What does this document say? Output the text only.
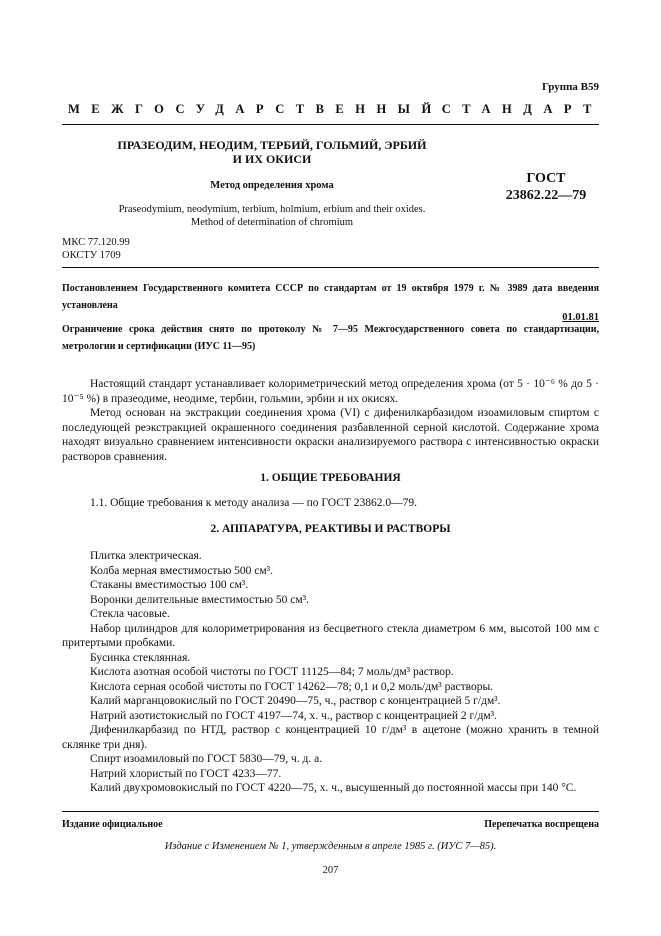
Группа В59
МЕЖГОСУДАРСТВЕННЫЙ СТАНДАРТ
ПРАЗЕОДИМ, НЕОДИМ, ТЕРБИЙ, ГОЛЬМИЙ, ЭРБИЙ
И ИХ ОКИСИ
ГОСТ
23862.22—79
Метод определения хрома
Praseodymium, neodymium, terbium, holmium, erbium and their oxides.
Method of determination of chromium
МКС 77.120.99
ОКСТУ 1709
Постановлением Государственного комитета СССР по стандартам от 19 октября 1979 г. № 3989 дата введения установлена
01.01.81
Ограничение срока действия снято по протоколу № 7—95 Межгосударственного совета по стандартизации, метрологии и сертификации (ИУС 11—95)

Настоящий стандарт устанавливает колориметрический метод определения хрома (от 5 · 10⁻⁶ % до 5 · 10⁻⁵ %) в празеодиме, неодиме, тербии, гольмии, эрбии и их окисях.

Метод основан на экстракции соединения хрома (VI) с дифенилкарбазидом изоамиловым спиртом с последующей реэкстракцией окрашенного соединения разбавленной серной кислотой. Содержание хрома находят визуально сравнением интенсивности окраски анализируемого раствора с интенсивностью окраски растворов сравнения.

1. ОБЩИЕ ТРЕБОВАНИЯ

1.1. Общие требования к методу анализа — по ГОСТ 23862.0—79.

2. АППАРАТУРА, РЕАКТИВЫ И РАСТВОРЫ

Плитка электрическая.

Колба мерная вместимостью 500 см³.

Стаканы вместимостью 100 см³.

Воронки делительные вместимостью 50 см³.

Стекла часовые.

Набор цилиндров для колориметрирования из бесцветного стекла диаметром 6 мм, высотой 100 мм с притертыми пробками.

Бусинка стеклянная.

Кислота азотная особой чистоты по ГОСТ 11125—84; 7 моль/дм³ раствор.

Кислота серная особой чистоты по ГОСТ 14262—78; 0,1 и 0,2 моль/дм³ растворы.

Калий марганцовокислый по ГОСТ 20490—75, ч., раствор с концентрацией 5 г/дм³.

Натрий азотистокислый по ГОСТ 4197—74, х. ч., раствор с концентрацией 2 г/дм³.

Дифенилкарбазид по НТД, раствор с концентрацией 10 г/дм³ в ацетоне (можно хранить в темной склянке три дня).

Спирт изоамиловый по ГОСТ 5830—79, ч. д. а.

Натрий хлористый по ГОСТ 4233—77.

Калий двухромовокислый по ГОСТ 4220—75, х. ч., высушенный до постоянной массы при 140 °С.

Издание официальное	Перепечатка воспрещена
Издание с Изменением № 1, утвержденным в апреле 1985 г. (ИУС 7—85).
207
